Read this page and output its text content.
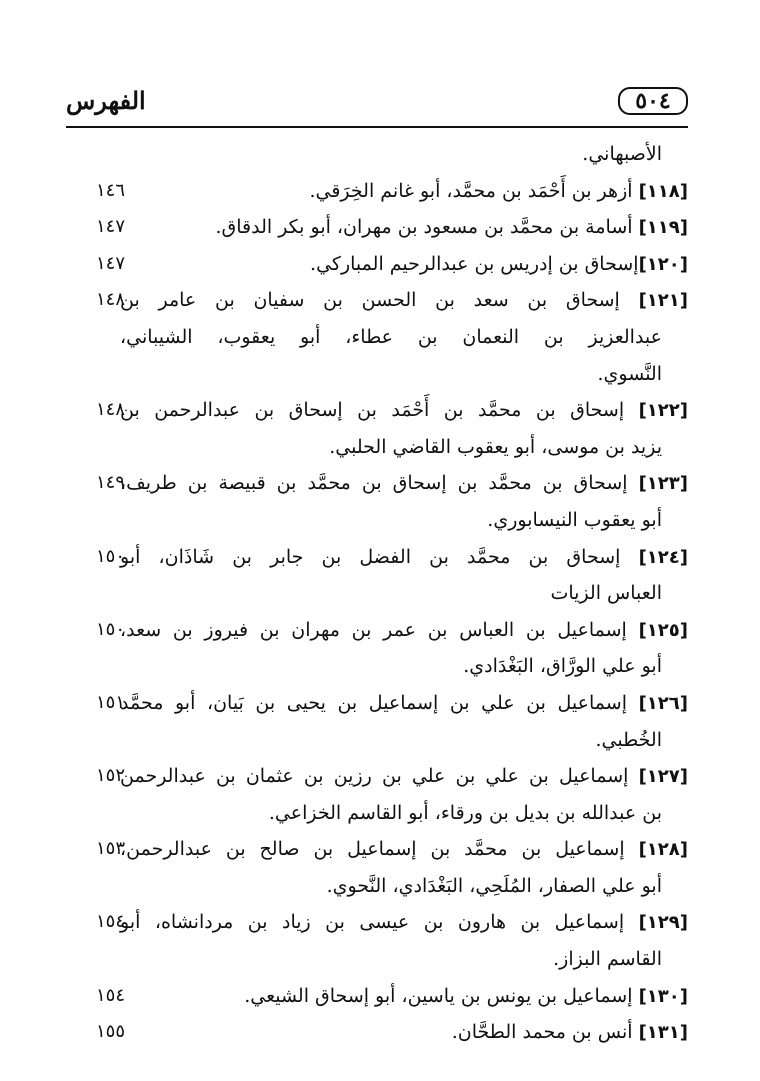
٥٠٤
الفهرس
الأصبهاني.
[١١٨] أزهر بن أَحْمَد بن محمَّد، أبو غانم الخِرَقي.
١٤٦
[١١٩] أسامة بن محمَّد بن مسعود بن مهران، أبو بكر الدقاق.
١٤٧
[١٢٠]إسحاق بن إدريس بن عبدالرحيم المباركي.
١٤٧
[١٢١] إسحاق بن سعد بن الحسن بن سفيان بن عامر بن
١٤٨
عبدالعزيز بن النعمان بن عطاء، أبو يعقوب، الشيباني،
النَّسوي.
[١٢٢] إسحاق بن محمَّد بن أَحْمَد بن إسحاق بن عبدالرحمن بن
١٤٨
يزيد بن موسى، أبو يعقوب القاضي الحلبي.
[١٢٣] إسحاق بن محمَّد بن إسحاق بن محمَّد بن قبيصة بن طريف،
١٤٩
أبو يعقوب النيسابوري.
[١٢٤] إسحاق بن محمَّد بن الفضل بن جابر بن شَاذَان، أبو
١٥٠
العباس الزيات
[١٢٥] إسماعيل بن العباس بن عمر بن مهران بن فيروز بن سعد،
١٥٠
أبو علي الورَّاق، البَغْدَادي.
[١٢٦] إسماعيل بن علي بن إسماعيل بن يحيى بن بَيان، أبو محمَّد
١٥١
الخُطبي.
[١٢٧] إسماعيل بن علي بن علي بن رزين بن عثمان بن عبدالرحمن
١٥٢
بن عبدالله بن بديل بن ورقاء، أبو القاسم الخزاعي.
[١٢٨] إسماعيل بن محمَّد بن إسماعيل بن صالح بن عبدالرحمن،
١٥٣
أبو علي الصفار، المُلَحِي، البَغْدَادي، النَّحوي.
[١٢٩] إسماعيل بن هارون بن عيسى بن زياد بن مردانشاه، أبو
١٥٤
القاسم البزاز.
[١٣٠] إسماعيل بن يونس بن ياسين، أبو إسحاق الشيعي.
١٥٤
[١٣١] أنس بن محمد الطحَّان.
١٥٥
